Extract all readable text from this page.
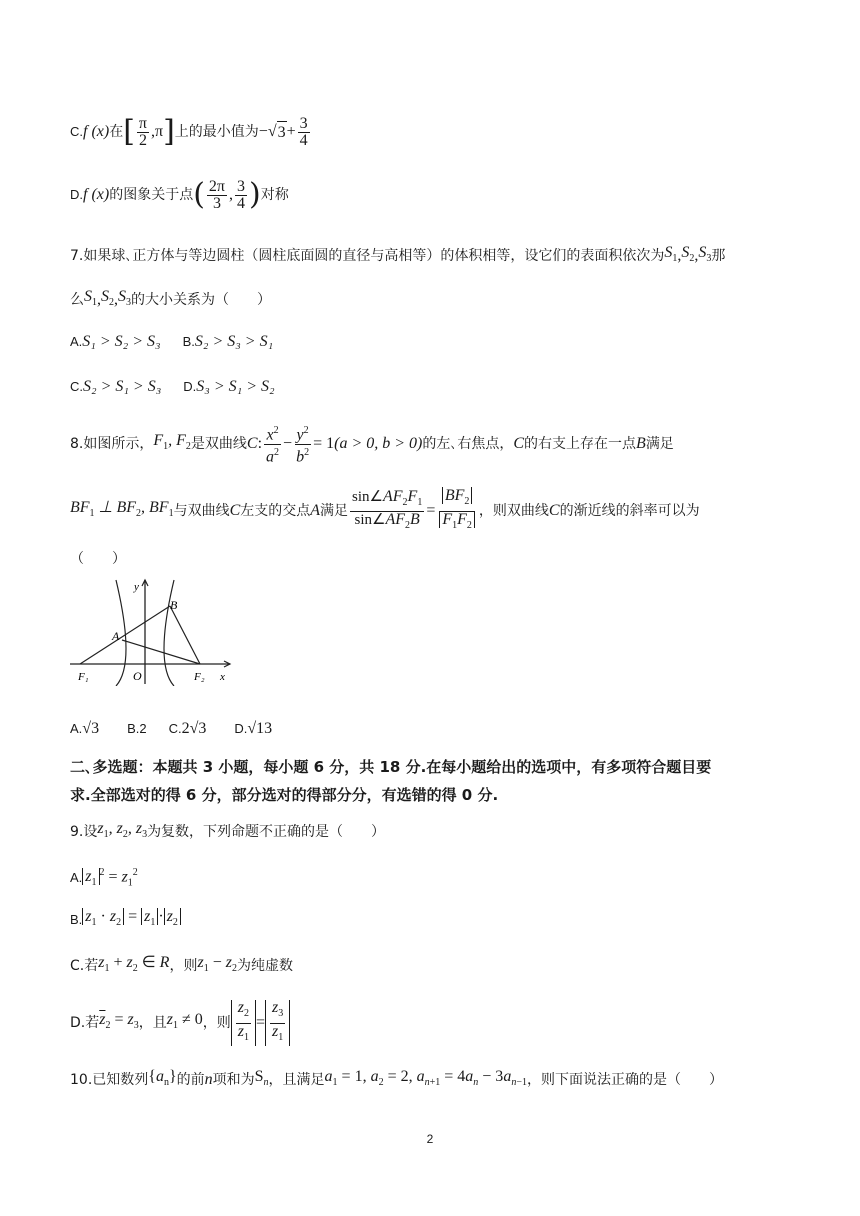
C. f (x) 在 [ $\frac{\pi}{2}$ , π ] 上的最小值为 − √ $3 + \frac{3}{4}$
D. f (x) 的图象关于点 ( $\frac{2\pi}{3}$ , $\frac{3}{4}$ ) 对称
7.如果球､正方体与等边圆柱（圆柱底面圆的直径与高相等）的体积相等，设它们的表面积依次为 $S_1$ , $S_2$ , $S_3$ 那
么 $S_1$ , $S_2$ , $S_3$ 的大小关系为（　　）
A. S₁ > S₂ > S₃ B. S₂ > S₃ > S₁
C. S₂ > S₁ > S₃ D. S₃ > S₁ > S₂
8.如图所示， $F_1$, $F_2$ 是双曲线 C : $\frac{x^2}{a^2} - \frac{y^2}{b^2} = 1$ (a > 0, b > 0) 的左､右焦点， C 的右支上存在一点 B 满足
$BF_1$ ⊥ $BF_2$, $BF_1$ 与双曲线 C 左支的交点 A 满足 $\frac{\sin\angle AF_2F_1}{\sin\angle AF_2B} = \frac{BF_2}{F_1F_2}$ ，则双曲线 C 的渐近线的斜率可以为
（　　）
F₁	O	F₂ x
y
A
B
A. √3 B. 2 C. 2√3 D. √13
二､多选题：本题共 3 小题，每小题 6 分，共 18 分.在每小题给出的选项中，有多项符合题目要
求.全部选对的得 6 分，部分选对的得部分分，有选错的得 0 分.
9.设 $z_1$, $z_2$, $z_3$ 为复数，下列命题不正确的是（　　）
A. $z_1^2 = z_1^2$
B. $z_1 \cdot z_2 = z_1 \cdot z_2$
C.若 $z_1 + z_2$ ∈ R ，则 $z_1 - z_2$ 为纯虚数
D.若 $\overline{z}_2 = z_3$ ，且 $z_1 \ne 0$ ，则 $\frac{z_2}{z_1} = \frac{z_3}{z_1}$
10.已知数列 $\{a_n\}$ 的前 n 项和为 $S_n$ ，且满足 $a_1 = 1$, $a_2 = 2$, $a_{n+1} = 4a_n - 3a_{n-1}$ ，则下面说法正确的是（　　）
2
